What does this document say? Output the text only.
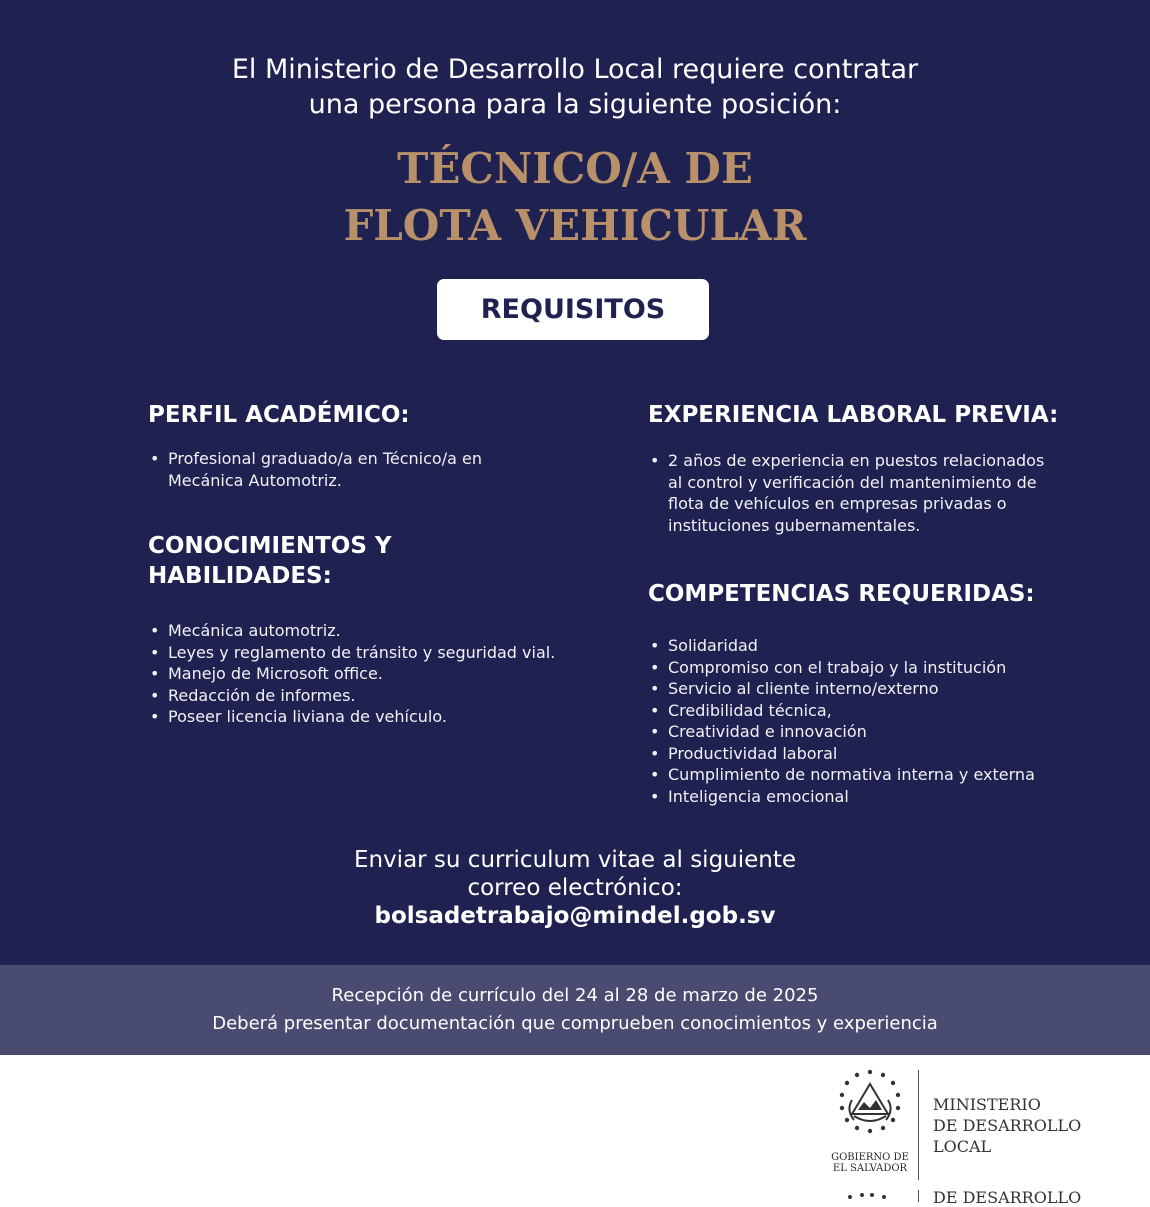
El Ministerio de Desarrollo Local requiere contratar
una persona para la siguiente posición:
TÉCNICO/A DE
FLOTA VEHICULAR
REQUISITOS
PERFIL ACADÉMICO:
• Profesional graduado/a en Técnico/a en
Mecánica Automotriz.
CONOCIMIENTOS Y
HABILIDADES:
• Mecánica automotriz.
• Leyes y reglamento de tránsito y seguridad vial.
• Manejo de Microsoft office.
• Redacción de informes.
• Poseer licencia liviana de vehículo.
EXPERIENCIA LABORAL PREVIA:
• 2 años de experiencia en puestos relacionados
al control y verificación del mantenimiento de
flota de vehículos en empresas privadas o
instituciones gubernamentales.
COMPETENCIAS REQUERIDAS:
• Solidaridad
• Compromiso con el trabajo y la institución
• Servicio al cliente interno/externo
• Credibilidad técnica,
• Creatividad e innovación
• Productividad laboral
• Cumplimiento de normativa interna y externa
• Inteligencia emocional
Enviar su curriculum vitae al siguiente
correo electrónico:
bolsadetrabajo@mindel.gob.sv
Recepción de currículo del 24 al 28 de marzo de 2025
Deberá presentar documentación que comprueben conocimientos y experiencia
GOBIERNO DE
EL SALVADOR
MINISTERIO
DE DESARROLLO
LOCAL
DE DESARROLLO
